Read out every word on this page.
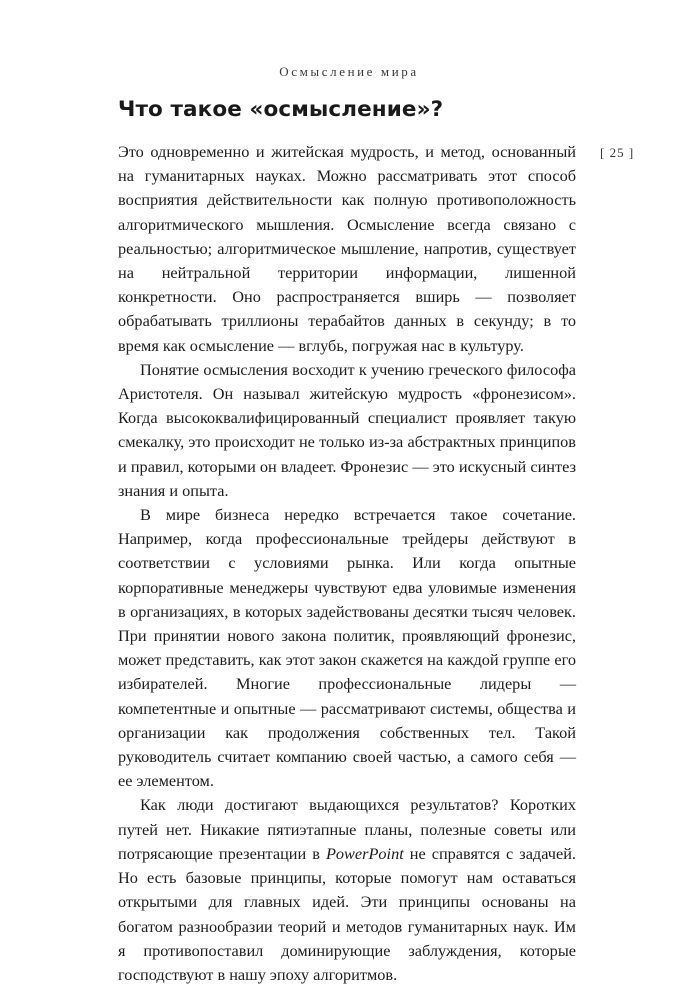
Осмысление мира
Что такое «осмысление»?
[ 25 ]

Это одновременно и житейская мудрость, и метод, основанный на гуманитарных науках. Можно рассматривать этот способ восприятия действительности как полную противоположность алгоритмического мышления. Осмысление всегда связано с реальностью; алгоритмическое мышление, напротив, существует на нейтральной территории информации, лишенной конкретности. Оно распространяется вширь — позволяет обрабатывать триллионы терабайтов данных в секунду; в то время как осмысление — вглубь, погружая нас в культуру.

Понятие осмысления восходит к учению греческого философа Аристотеля. Он называл житейскую мудрость «фронезисом». Когда высококвалифицированный специалист проявляет такую смекалку, это происходит не только из-за абстрактных принципов и правил, которыми он владеет. Фронезис — это искусный синтез знания и опыта.

В мире бизнеса нередко встречается такое сочетание. Например, когда профессиональные трейдеры действуют в соответствии с условиями рынка. Или когда опытные корпоративные менеджеры чувствуют едва уловимые изменения в организациях, в которых задействованы десятки тысяч человек. При принятии нового закона политик, проявляющий фронезис, может представить, как этот закон скажется на каждой группе его избирателей. Многие профессиональные лидеры — компетентные и опытные — рассматривают системы, общества и организации как продолжения собственных тел. Такой руководитель считает компанию своей частью, а самого себя — ее элементом.

Как люди достигают выдающихся результатов? Коротких путей нет. Никакие пятиэтапные планы, полезные советы или потрясающие презентации в PowerPoint не справятся с задачей. Но есть базовые принципы, которые помогут нам оставаться открытыми для главных идей. Эти принципы основаны на богатом разнообразии теорий и методов гуманитарных наук. Им я противопоставил доминирующие заблуждения, которые господствуют в нашу эпоху алгоритмов.
